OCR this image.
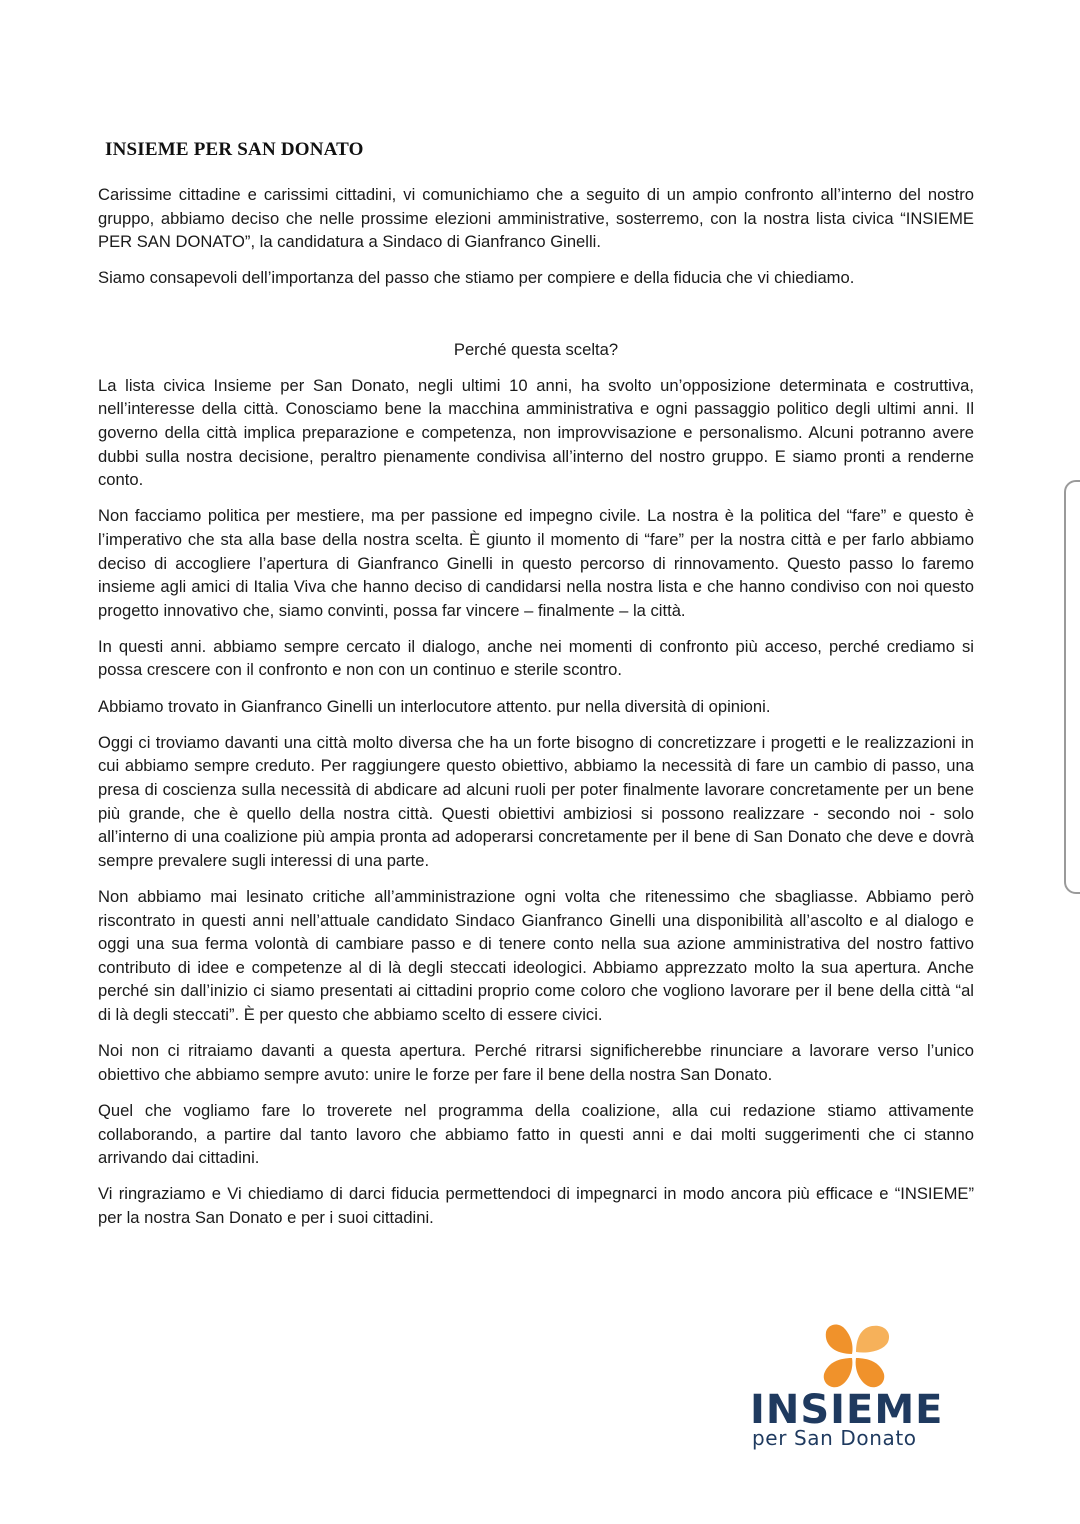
INSIEME PER SAN DONATO

Carissime cittadine e carissimi cittadini, vi comunichiamo che a seguito di un ampio confronto all’interno del nostro gruppo, abbiamo deciso che nelle prossime elezioni amministrative, sosterremo, con la nostra lista civica “INSIEME PER SAN DONATO”, la candidatura a Sindaco di Gianfranco Ginelli.

Siamo consapevoli dell’importanza del passo che stiamo per compiere e della fiducia che vi chiediamo.

Perché questa scelta?

La lista civica Insieme per San Donato, negli ultimi 10 anni, ha svolto un’opposizione determinata e costruttiva, nell’interesse della città. Conosciamo bene la macchina amministrativa e ogni passaggio politico degli ultimi anni. Il governo della città implica preparazione e competenza, non improvvisazione e personalismo. Alcuni potranno avere dubbi sulla nostra decisione, peraltro pienamente condivisa all’interno del nostro gruppo. E siamo pronti a renderne conto.

Non facciamo politica per mestiere, ma per passione ed impegno civile. La nostra è la politica del “fare” e questo è l’imperativo che sta alla base della nostra scelta. È giunto il momento di “fare” per la nostra città e per farlo abbiamo deciso di accogliere l’apertura di Gianfranco Ginelli in questo percorso di rinnovamento. Questo passo lo faremo insieme agli amici di Italia Viva che hanno deciso di candidarsi nella nostra lista e che hanno condiviso con noi questo progetto innovativo che, siamo convinti, possa far vincere – finalmente – la città.

In questi anni. abbiamo sempre cercato il dialogo, anche nei momenti di confronto più acceso, perché crediamo si possa crescere con il confronto e non con un continuo e sterile scontro.

Abbiamo trovato in Gianfranco Ginelli un interlocutore attento. pur nella diversità di opinioni.

Oggi ci troviamo davanti una città molto diversa che ha un forte bisogno di concretizzare i progetti e le realizzazioni in cui abbiamo sempre creduto. Per raggiungere questo obiettivo, abbiamo la necessità di fare un cambio di passo, una presa di coscienza sulla necessità di abdicare ad alcuni ruoli per poter finalmente lavorare concretamente per un bene più grande, che è quello della nostra città. Questi obiettivi ambiziosi si possono realizzare - secondo noi - solo all’interno di una coalizione più ampia pronta ad adoperarsi concretamente per il bene di San Donato che deve e dovrà sempre prevalere sugli interessi di una parte.

Non abbiamo mai lesinato critiche all’amministrazione ogni volta che ritenessimo che sbagliasse. Abbiamo però riscontrato in questi anni nell’attuale candidato Sindaco Gianfranco Ginelli una disponibilità all’ascolto e al dialogo e oggi una sua ferma volontà di cambiare passo e di tenere conto nella sua azione amministrativa del nostro fattivo contributo di idee e competenze al di là degli steccati ideologici. Abbiamo apprezzato molto la sua apertura. Anche perché sin dall’inizio ci siamo presentati ai cittadini proprio come coloro che vogliono lavorare per il bene della città “al di là degli steccati”. È per questo che abbiamo scelto di essere civici.

Noi non ci ritraiamo davanti a questa apertura. Perché ritrarsi significherebbe rinunciare a lavorare verso l’unico obiettivo che abbiamo sempre avuto: unire le forze per fare il bene della nostra San Donato.

Quel che vogliamo fare lo troverete nel programma della coalizione, alla cui redazione stiamo attivamente collaborando, a partire dal tanto lavoro che abbiamo fatto in questi anni e dai molti suggerimenti che ci stanno arrivando dai cittadini.

Vi ringraziamo e Vi chiediamo di darci fiducia permettendoci di impegnarci in modo ancora più efficace e “INSIEME” per la nostra San Donato e per i suoi cittadini.

INSIEME
per San Donato
